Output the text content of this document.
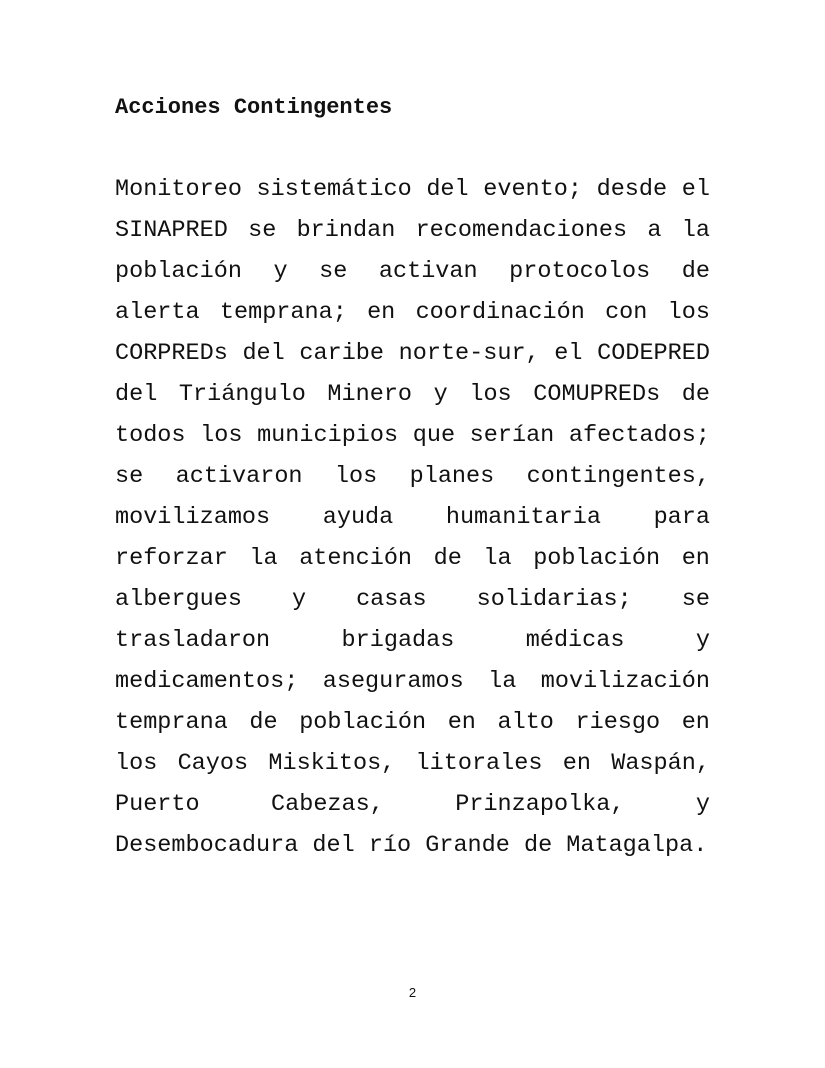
Acciones Contingentes
Monitoreo sistemático del evento; desde el
SINAPRED se brindan recomendaciones a la
población y se activan protocolos de
alerta temprana; en coordinación con los
CORPREDs del caribe norte-sur, el CODEPRED
del Triángulo Minero y los COMUPREDs de
todos los municipios que serían afectados;
se activaron los planes contingentes,
movilizamos ayuda humanitaria para
reforzar la atención de la población en
albergues y casas solidarias; se
trasladaron	brigadas	médicas	y
medicamentos; aseguramos la movilización
temprana de población en alto riesgo en
los Cayos Miskitos, litorales en Waspán,
Puerto	Cabezas,	Prinzapolka,	y
Desembocadura del río Grande de Matagalpa.
2
